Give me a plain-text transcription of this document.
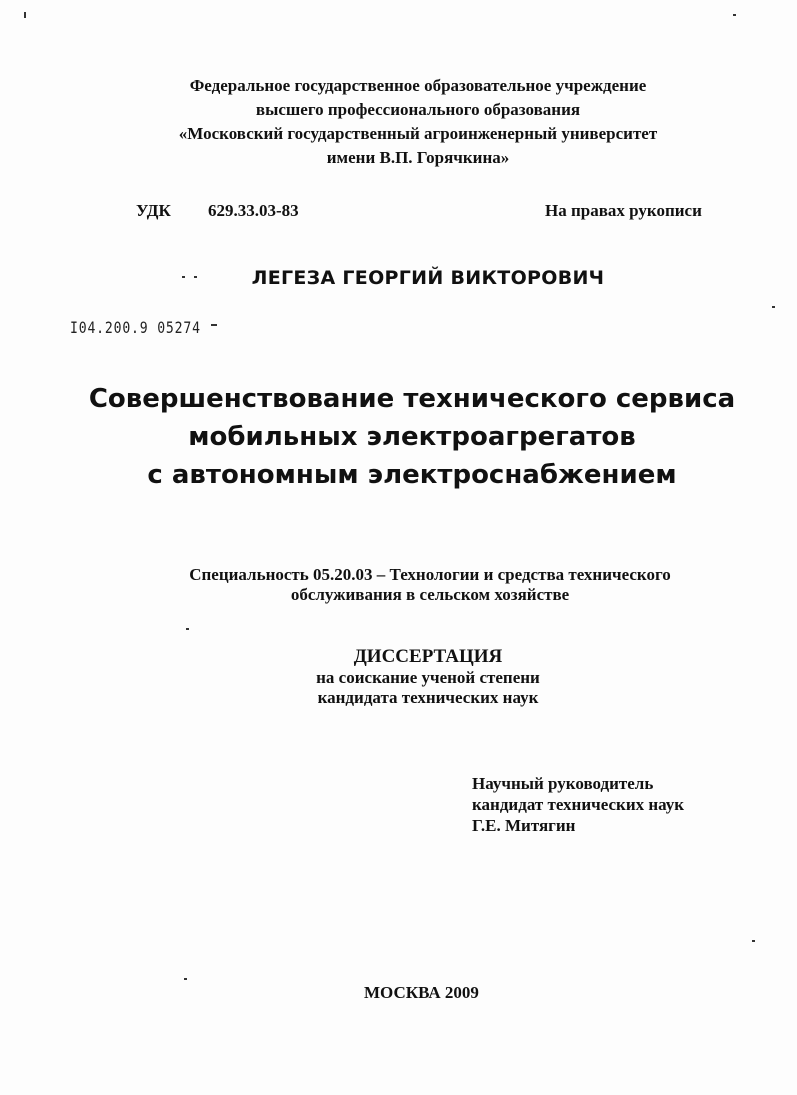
Федеральное государственное образовательное учреждение
высшего профессионального образования
«Московский государственный агроинженерный университет
имени В.П. Горячкина»
УДК 629.33.03-83	На правах рукописи
ЛЕГЕЗА ГЕОРГИЙ ВИКТОРОВИЧ
I04.200.9 05274
Совершенствование технического сервиса
мобильных электроагрегатов
с автономным электроснабжением
Специальность 05.20.03 – Технологии и средства технического
обслуживания в сельском хозяйстве
ДИССЕРТАЦИЯ
на соискание ученой степени
кандидата технических наук
Научный руководитель
кандидат технических наук
Г.Е. Митягин
МОСКВА 2009
